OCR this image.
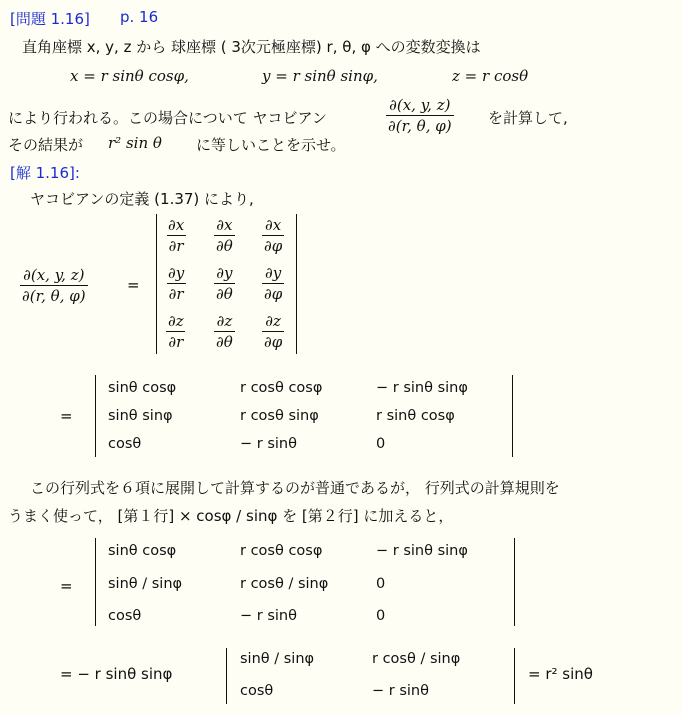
[問題 1.16] p. 16
直角座標 x, y, z から 球座標 ( 3次元極座標) r, θ, φ への変数変換は
x = r sinθ cosφ,	y = r sinθ sinφ,	z = r cosθ
により行われる。この場合について ヤコビアン	$\frac{\partial(x, y, z)}{\partial(r, \theta, \varphi)}$ を計算して,
その結果が r² sin θ に等しいことを示せ。
[解 1.16]:
ヤコビアンの定義 (1.37) により,
$\frac{\partial(x, y, z)}{\partial(r, \theta, \varphi)}$	=
$\frac{\partial x}{\partial r} \frac{\partial x}{\partial\theta} \frac{\partial x}{\partial\varphi}$
$\frac{\partial y}{\partial r} \frac{\partial y}{\partial\theta} \frac{\partial y}{\partial\varphi}$
$\frac{\partial z}{\partial r} \frac{\partial z}{\partial\theta} \frac{\partial z}{\partial\varphi}$
=
sinθ cosφ	r cosθ cosφ	− r sinθ sinφ
sinθ sinφ	r cosθ sinφ	r sinθ cosφ
cosθ	− r sinθ	0
この行列式を６項に展開して計算するのが普通であるが， 行列式の計算規則を
うまく使って， [第１行] × cosφ / sinφ を [第２行] に加えると，
=
sinθ cosφ	r cosθ cosφ	− r sinθ sinφ
sinθ / sinφ	r cosθ / sinφ	0
cosθ	− r sinθ	0
= − r sinθ sinφ
sinθ / sinφ	r cosθ / sinφ
cosθ	− r sinθ
= r² sinθ
